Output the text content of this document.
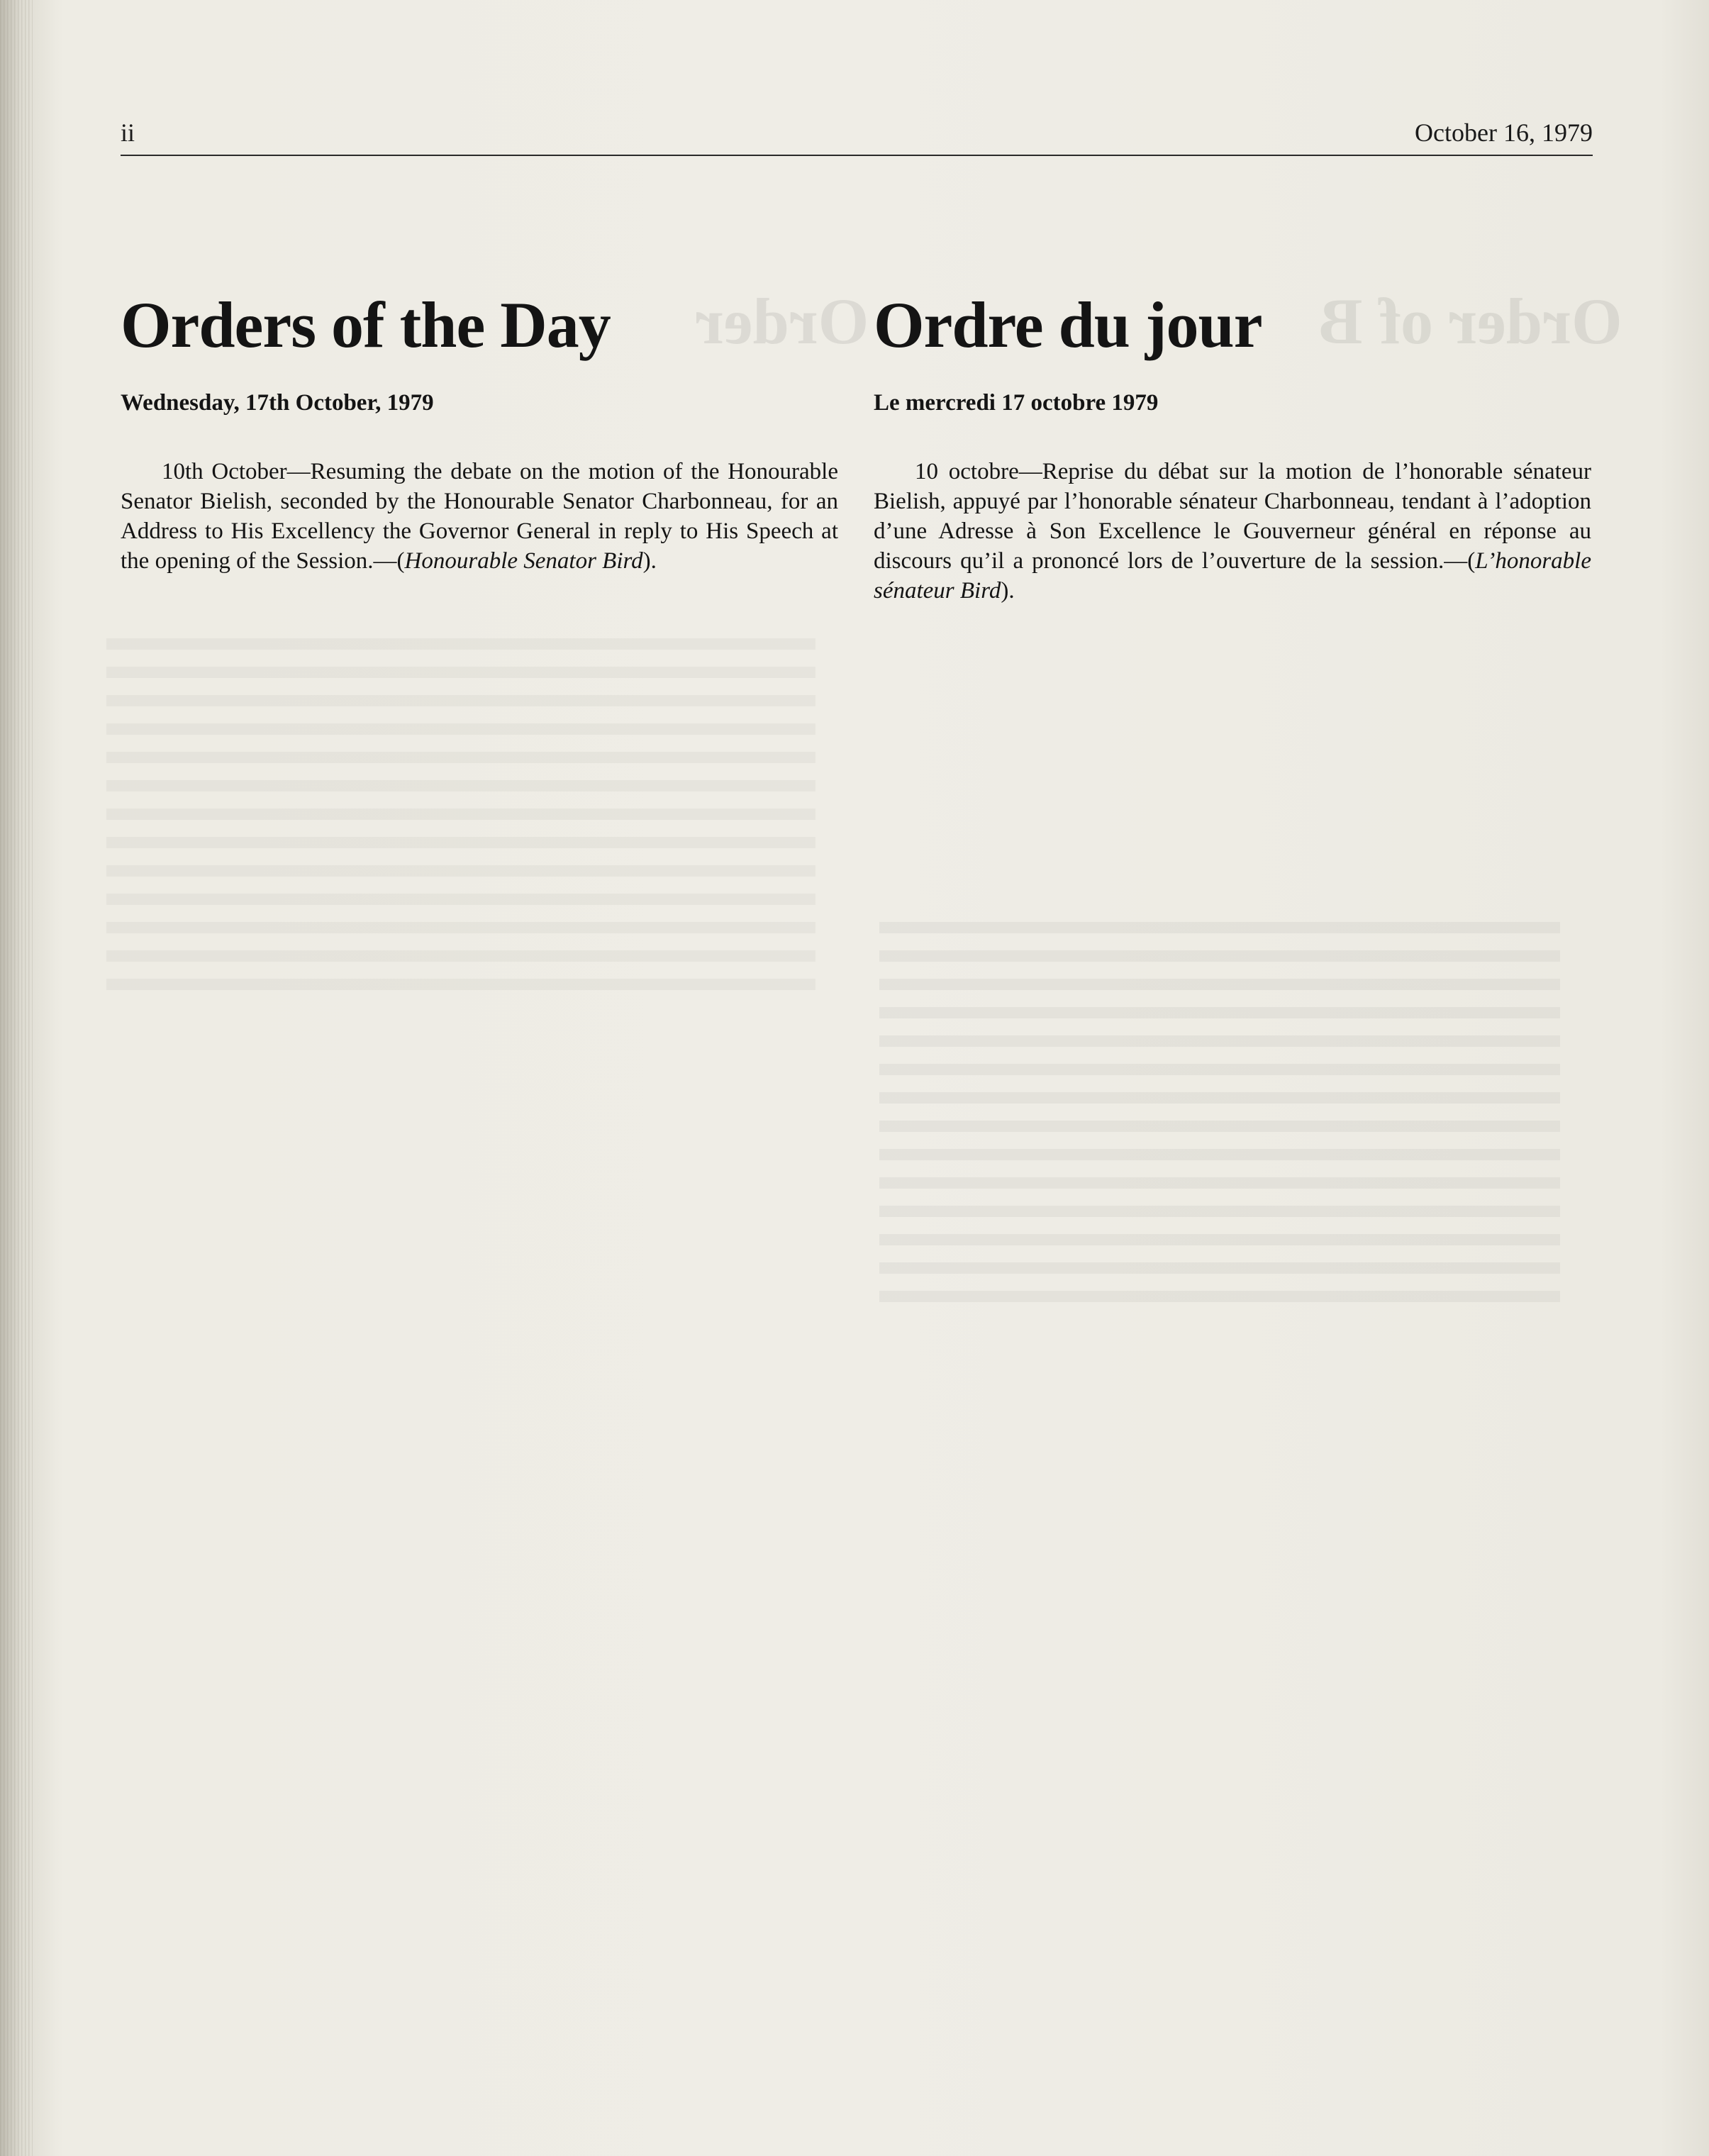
Order	Order of B
ii	October 16, 1979
Orders of the Day
Wednesday, 17th October, 1979

10th October—Resuming the debate on the motion of the Honourable Senator Bielish, seconded by the Honourable Senator Charbonneau, for an Address to His Excellency the Governor General in reply to His Speech at the opening of the Session.—(Honourable Senator Bird).

Ordre du jour
Le mercredi 17 octobre 1979

10 octobre—Reprise du débat sur la motion de l’honorable sénateur Bielish, appuyé par l’honorable sénateur Charbonneau, tendant à l’adoption d’une Adresse à Son Excellence le Gouverneur général en réponse au discours qu’il a prononcé lors de l’ouverture de la session.—(L’honorable sénateur Bird).
